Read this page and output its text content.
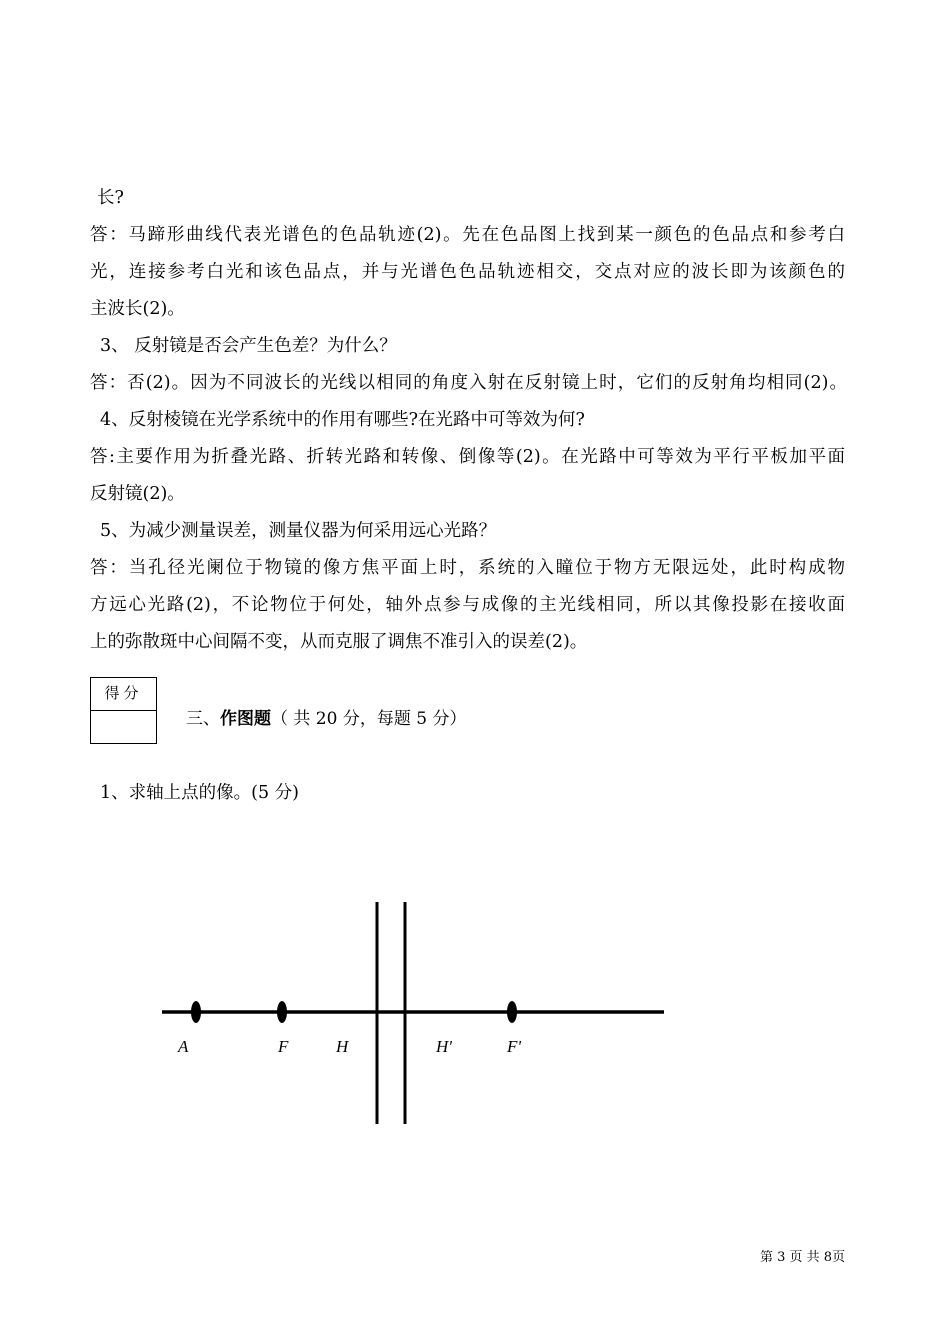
长?
答：马蹄形曲线代表光谱色的色品轨迹(2)。先在色品图上找到某一颜色的色品点和参考白
光，连接参考白光和该色品点，并与光谱色色品轨迹相交，交点对应的波长即为该颜色的
主波长(2)。
3、 反射镜是否会产生色差？为什么？
答：否(2)。因为不同波长的光线以相同的角度入射在反射镜上时，它们的反射角均相同(2)。
4、反射棱镜在光学系统中的作用有哪些?在光路中可等效为何?
答:主要作用为折叠光路、折转光路和转像、倒像等(2)。在光路中可等效为平行平板加平面
反射镜(2)。
5、为减少测量误差，测量仪器为何采用远心光路？
答：当孔径光阑位于物镜的像方焦平面上时，系统的入瞳位于物方无限远处，此时构成物
方远心光路(2)，不论物位于何处，轴外点参与成像的主光线相同，所以其像投影在接收面
上的弥散斑中心间隔不变，从而克服了调焦不准引入的误差(2)。
得分
三、作图题（ 共 20 分，每题 5 分）
1、求轴上点的像。(5 分)
A	F	H	H'	F'
第 3 页 共 8页
